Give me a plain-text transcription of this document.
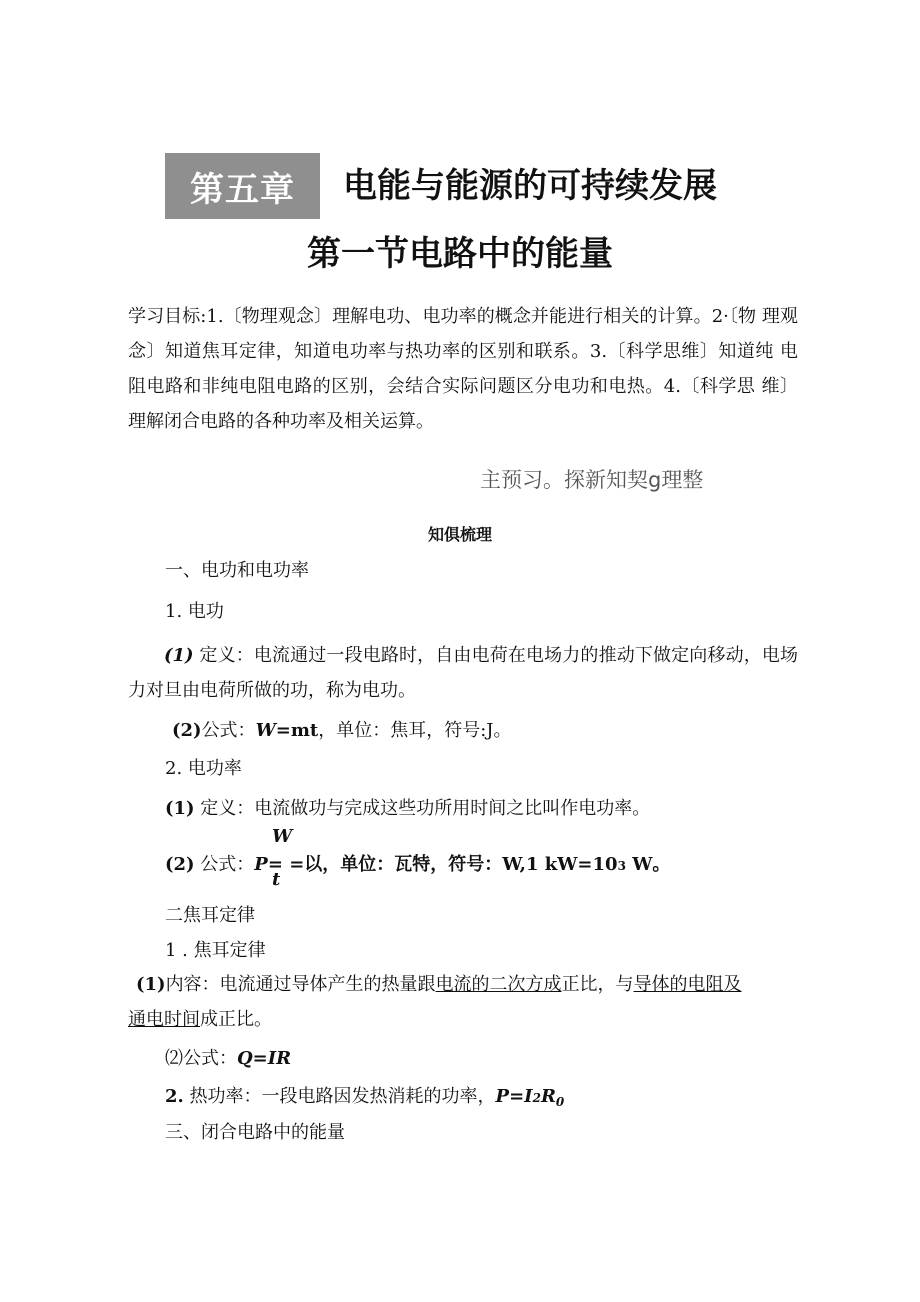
第五章	电能与能源的可持续发展
第一节电路中的能量
学习目标:1.〔物理观念〕理解电功、电功率的概念并能进行相关的计算。2·〔物 理观念〕知道焦耳定律，知道电功率与热功率的区别和联系。3.〔科学思维〕知道纯 电阻电路和非纯电阻电路的区别，会结合实际问题区分电功和电热。4.〔科学思 维〕理解闭合电路的各种功率及相关运算。
主预习。探新知契g理整
知俱梳理
一、电功和电功率
1. 电功
(1) 定义：电流通过一段电路时，自由电荷在电场力的推动下做定向移动，电场力对旦由电荷所做的功，称为电功。
(2)公式：W=mt，单位：焦耳，符号:J。
2. 电功率
(1) 定义：电流做功与完成这些功所用时间之比叫作电功率。
W
(2) 公式：P= =以，单位：瓦特，符号：W,1 kW=103 W。
t
二焦耳定律
1 . 焦耳定律
(1)内容：电流通过导体产生的热量跟电流的二次方成正比，与导体的电阻及
通电时间成正比。
⑵公式：Q=IR
2. 热功率：一段电路因发热消耗的功率，$P=I2R_0$
三、闭合电路中的能量
